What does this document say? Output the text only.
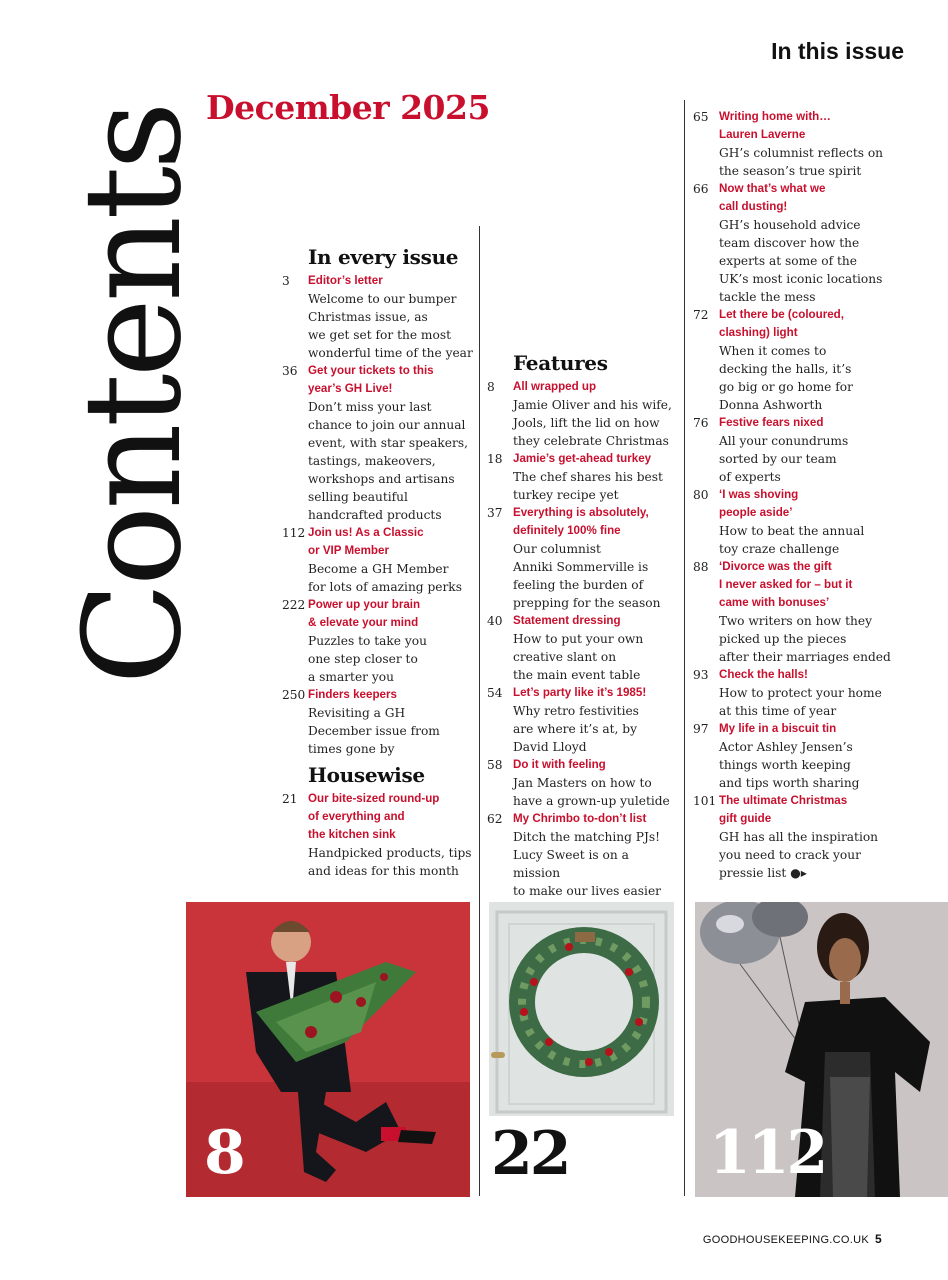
In this issue
Contents
December 2025
In every issue
3	Editor’s letter
Welcome to our bumper
Christmas issue, as
we get set for the most
wonderful time of the year
36 Get your tickets to this
year’s GH Live!
Don’t miss your last
chance to join our annual
event, with star speakers,
tastings, makeovers,
workshops and artisans
selling beautiful
handcrafted products
112 Join us! As a Classic
or VIP Member
Become a GH Member
for lots of amazing perks
222 Power up your brain
& elevate your mind
Puzzles to take you
one step closer to
a smarter you
250 Finders keepers
Revisiting a GH
December issue from
times gone by
Housewise
21 Our bite-sized round-up
of everything and
the kitchen sink
Handpicked products, tips
and ideas for this month
Features
8	All wrapped up
Jamie Oliver and his wife,
Jools, lift the lid on how
they celebrate Christmas
18 Jamie’s get-ahead turkey
The chef shares his best
turkey recipe yet
37 Everything is absolutely,
definitely 100% fine
Our columnist
Anniki Sommerville is
feeling the burden of
prepping for the season
40 Statement dressing
How to put your own
creative slant on
the main event table
54 Let’s party like it’s 1985!
Why retro festivities
are where it’s at, by
David Lloyd
58 Do it with feeling
Jan Masters on how to
have a grown-up yuletide
62 My Chrimbo to-don’t list
Ditch the matching PJs!
Lucy Sweet is on a mission
to make our lives easier
65 Writing home with…
Lauren Laverne
GH’s columnist reflects on
the season’s true spirit
66 Now that’s what we
call dusting!
GH’s household advice
team discover how the
experts at some of the
UK’s most iconic locations
tackle the mess
72 Let there be (coloured,
clashing) light
When it comes to
decking the halls, it’s
go big or go home for
Donna Ashworth
76 Festive fears nixed
All your conundrums
sorted by our team
of experts
80 ‘I was shoving
people aside’
How to beat the annual
toy craze challenge
88 ‘Divorce was the gift
I never asked for – but it
came with bonuses’
Two writers on how they
picked up the pieces
after their marriages ended
93 Check the halls!
How to protect your home
at this time of year
97 My life in a biscuit tin
Actor Ashley Jensen’s
things worth keeping
and tips worth sharing
101 The ultimate Christmas
gift guide
GH has all the inspiration
you need to crack your
pressie list ●▸
8	22 112
GOODHOUSEKEEPING.CO.UK 5
